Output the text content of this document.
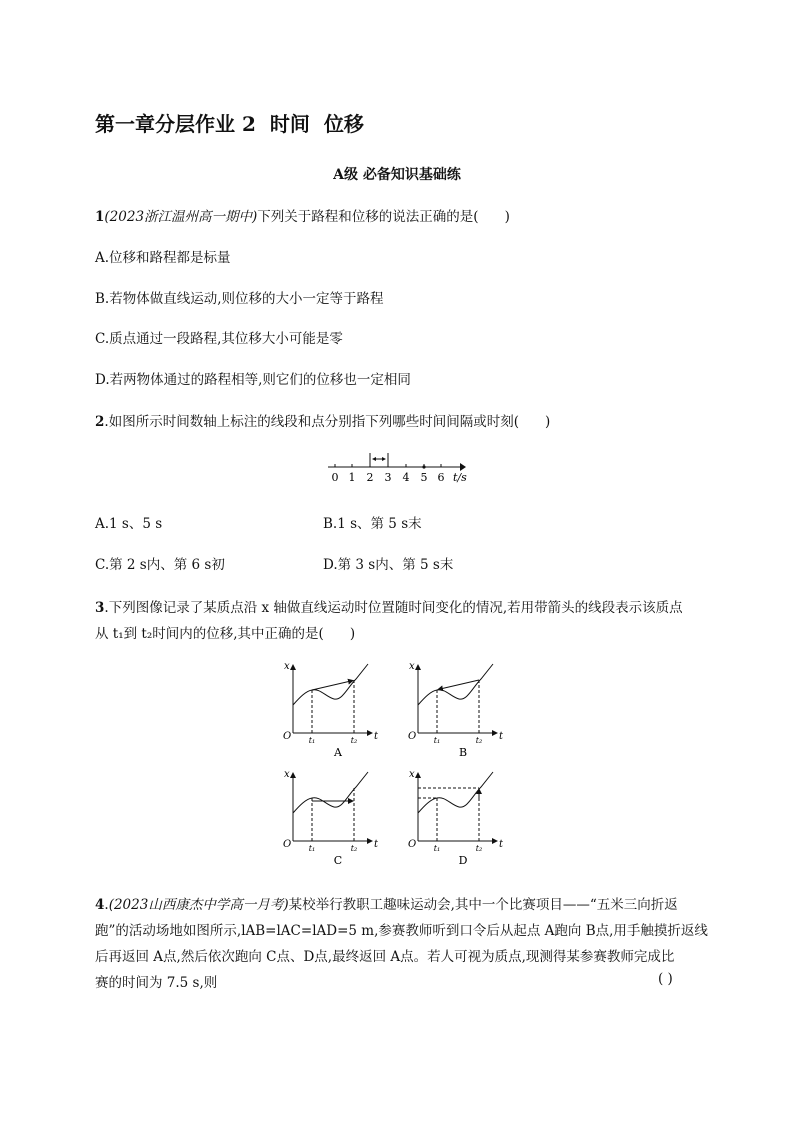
第一章分层作业 2 时间 位移
A级 必备知识基础练
1(2023浙江温州高一期中)下列关于路程和位移的说法正确的是( )
A.位移和路程都是标量
B.若物体做直线运动,则位移的大小一定等于路程
C.质点通过一段路程,其位移大小可能是零
D.若两物体通过的路程相等,则它们的位移也一定相同
2.如图所示时间数轴上标注的线段和点分别指下列哪些时间间隔或时刻( )
0 1 2 3 4 5 6 t/s
A.1 s、5 s	B.1 s、第 5 s末
C.第 2 s内、第 6 s初	D.第 3 s内、第 5 s末
3.下列图像记录了某质点沿 x 轴做直线运动时位置随时间变化的情况,若用带箭头的线段表示该质点
从 t₁到 t₂时间内的位移,其中正确的是( )
x
O	t
t₁	t₂
A
x
O	t
t₁	t₂
B
x
O	t
t₁	t₂
C
x
O	t
t₁	t₂
D
4.(2023山西康杰中学高一月考)某校举行教职工趣味运动会,其中一个比赛项目——“五米三向折返
跑”的活动场地如图所示,lAB=lAC=lAD=5 m,参赛教师听到口令后从起点 A跑向 B点,用手触摸折返线
后再返回 A点,然后依次跑向 C点、D点,最终返回 A点。若人可视为质点,现测得某参赛教师完成比
赛的时间为 7.5 s,则	( )
